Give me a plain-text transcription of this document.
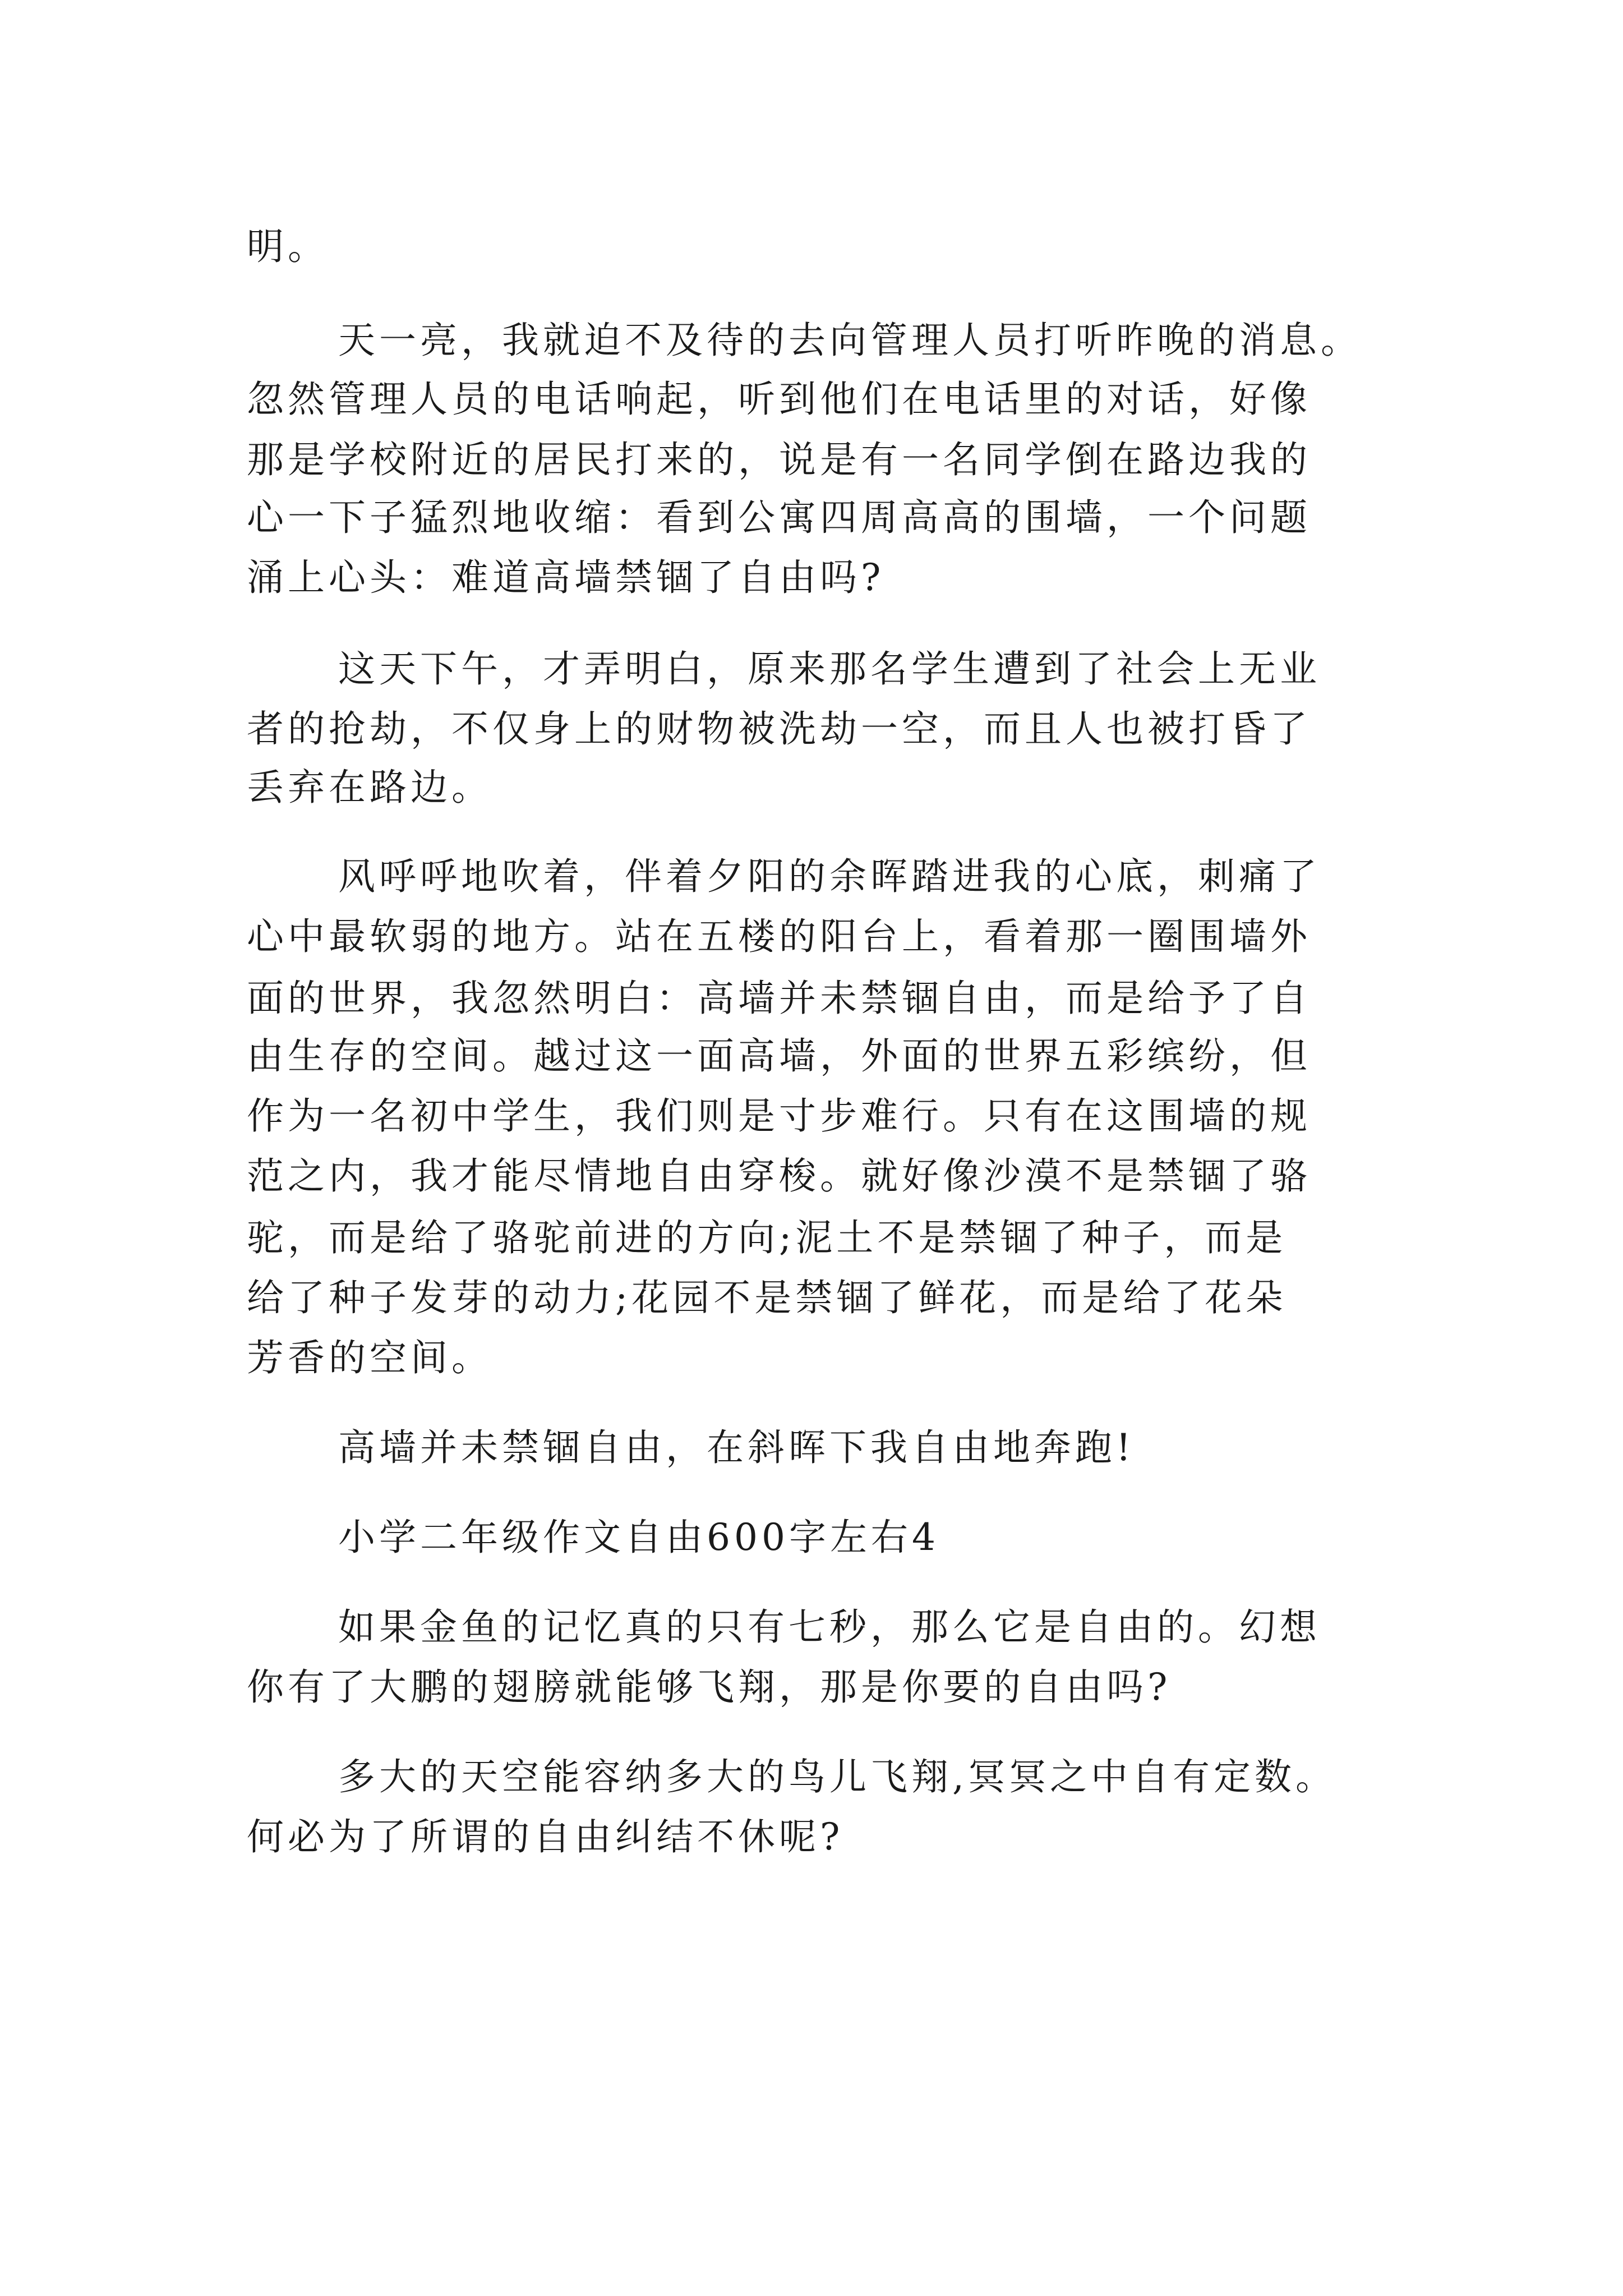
明。
天一亮，我就迫不及待的去向管理人员打听昨晚的消息。
忽然管理人员的电话响起，听到他们在电话里的对话，好像
那是学校附近的居民打来的，说是有一名同学倒在路边我的
心一下子猛烈地收缩：看到公寓四周高高的围墙，一个问题
涌上心头：难道高墙禁锢了自由吗?
这天下午，才弄明白，原来那名学生遭到了社会上无业
者的抢劫，不仅身上的财物被洗劫一空，而且人也被打昏了
丢弃在路边。
风呼呼地吹着，伴着夕阳的余晖踏进我的心底，刺痛了
心中最软弱的地方。站在五楼的阳台上，看着那一圈围墙外
面的世界，我忽然明白：高墙并未禁锢自由，而是给予了自
由生存的空间。越过这一面高墙，外面的世界五彩缤纷，但
作为一名初中学生，我们则是寸步难行。只有在这围墙的规
范之内，我才能尽情地自由穿梭。就好像沙漠不是禁锢了骆
驼，而是给了骆驼前进的方向;泥土不是禁锢了种子，而是
给了种子发芽的动力;花园不是禁锢了鲜花，而是给了花朵
芳香的空间。
高墙并未禁锢自由，在斜晖下我自由地奔跑!
小学二年级作文自由600字左右4
如果金鱼的记忆真的只有七秒，那么它是自由的。幻想
你有了大鹏的翅膀就能够飞翔，那是你要的自由吗?
多大的天空能容纳多大的鸟儿飞翔,冥冥之中自有定数。
何必为了所谓的自由纠结不休呢?
